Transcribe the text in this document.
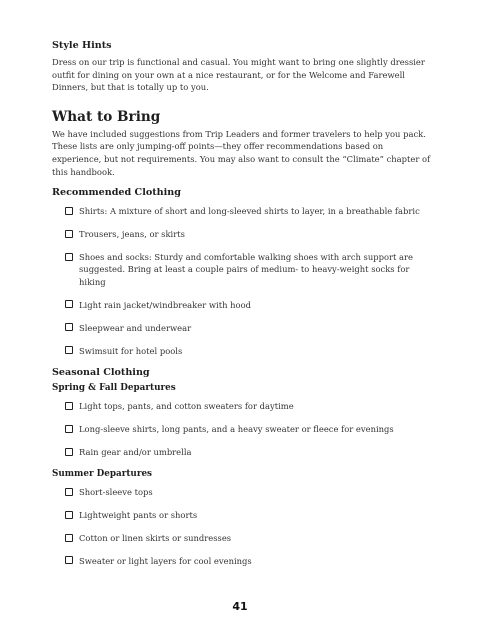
Style Hints

Dress on our trip is functional and casual. You might want to bring one slightly dressier outfit for dining on your own at a nice restaurant, or for the Welcome and Farewell Dinners, but that is totally up to you.

What to Bring

We have included suggestions from Trip Leaders and former travelers to help you pack. These lists are only jumping-off points—they offer recommendations based on experience, but not requirements. You may also want to consult the “Climate” chapter of this handbook.

Recommended Clothing
Shirts: A mixture of short and long-sleeved shirts to layer, in a breathable fabric
Trousers, jeans, or skirts
Shoes and socks: Sturdy and comfortable walking shoes with arch support are suggested. Bring at least a couple pairs of medium- to heavy-weight socks for hiking
Light rain jacket/windbreaker with hood
Sleepwear and underwear
Swimsuit for hotel pools
Seasonal Clothing
Spring & Fall Departures
Light tops, pants, and cotton sweaters for daytime
Long-sleeve shirts, long pants, and a heavy sweater or fleece for evenings
Rain gear and/or umbrella
Summer Departures
Short-sleeve tops
Lightweight pants or shorts
Cotton or linen skirts or sundresses
Sweater or light layers for cool evenings
41
